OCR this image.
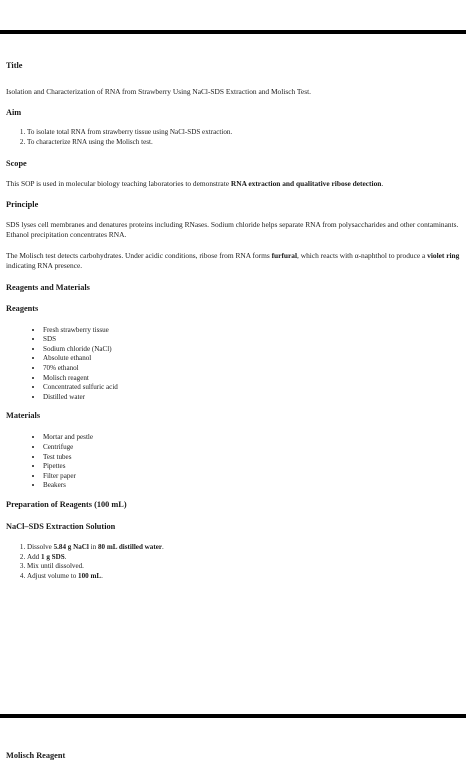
Title

Isolation and Characterization of RNA from Strawberry Using NaCl-SDS Extraction and Molisch Test.

Aim

1. To isolate total RNA from strawberry tissue using NaCl-SDS extraction.
2. To characterize RNA using the Molisch test.

Scope

This SOP is used in molecular biology teaching laboratories to demonstrate RNA extraction and qualitative ribose detection.

Principle

SDS lyses cell membranes and denatures proteins including RNases. Sodium chloride helps separate RNA from polysaccharides and other contaminants. Ethanol precipitation concentrates RNA.

The Molisch test detects carbohydrates. Under acidic conditions, ribose from RNA forms furfural, which reacts with α-naphthol to produce a violet ring indicating RNA presence.

Reagents and Materials

Reagents

• Fresh strawberry tissue
• SDS
• Sodium chloride (NaCl)
• Absolute ethanol
• 70% ethanol
• Molisch reagent
• Concentrated sulfuric acid
• Distilled water

Materials

• Mortar and pestle
• Centrifuge
• Test tubes
• Pipettes
• Filter paper
• Beakers

Preparation of Reagents (100 mL)

NaCl–SDS Extraction Solution

1. Dissolve 5.84 g NaCl in 80 mL distilled water.
2. Add 1 g SDS.
3. Mix until dissolved.
4. Adjust volume to 100 mL.

Molisch Reagent
